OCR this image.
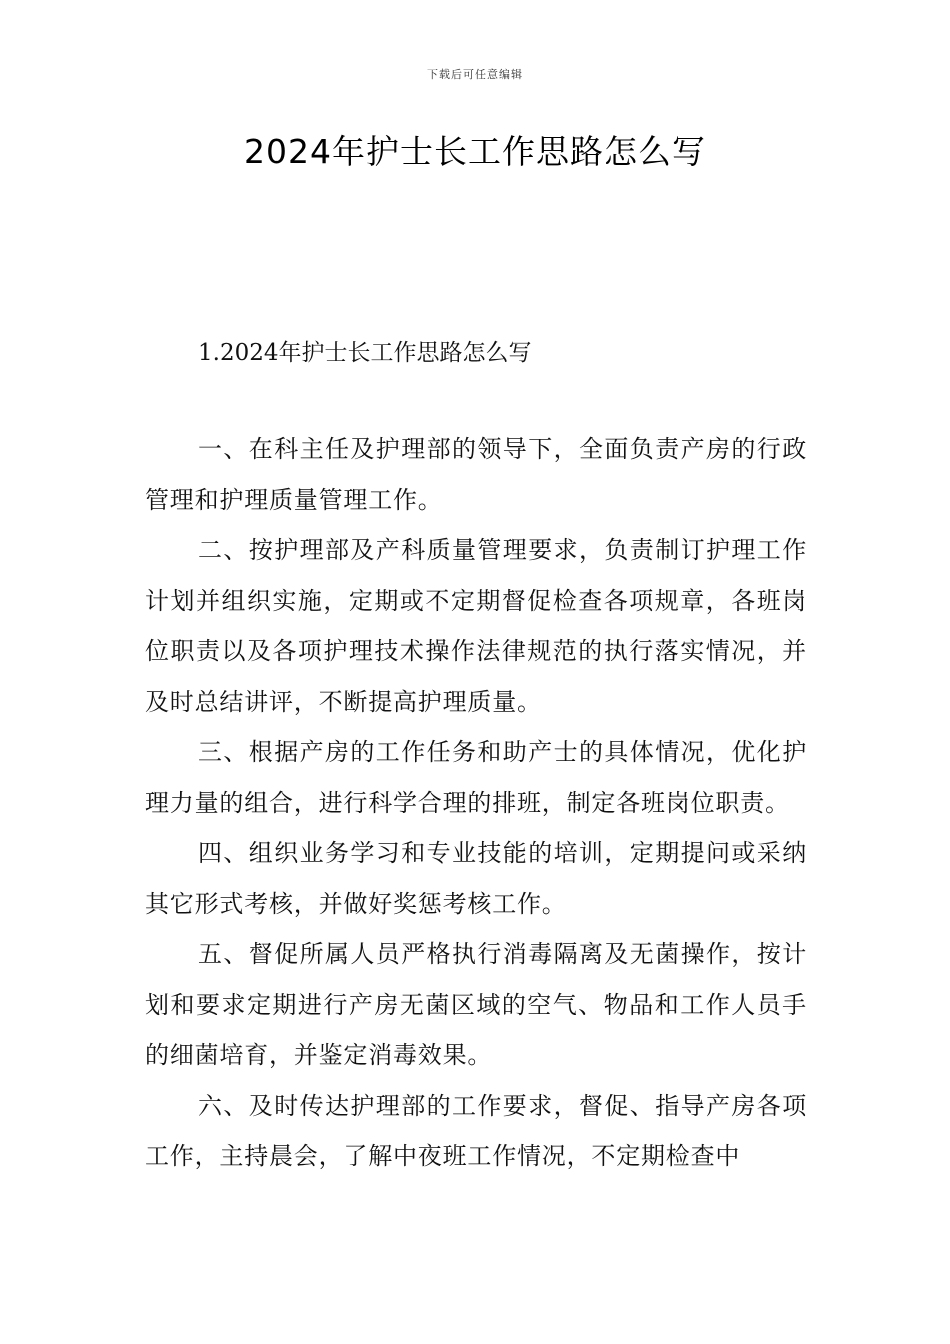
下载后可任意编辑
2024年护士长工作思路怎么写
1.2024年护士长工作思路怎么写

一、在科主任及护理部的领导下，全面负责产房的行政管理和护理质量管理工作。

二、按护理部及产科质量管理要求，负责制订护理工作计划并组织实施，定期或不定期督促检查各项规章，各班岗位职责以及各项护理技术操作法律规范的执行落实情况，并及时总结讲评，不断提高护理质量。

三、根据产房的工作任务和助产士的具体情况，优化护理力量的组合，进行科学合理的排班，制定各班岗位职责。

四、组织业务学习和专业技能的培训，定期提问或采纳其它形式考核，并做好奖惩考核工作。

五、督促所属人员严格执行消毒隔离及无菌操作，按计划和要求定期进行产房无菌区域的空气、物品和工作人员手的细菌培育，并鉴定消毒效果。

六、及时传达护理部的工作要求，督促、指导产房各项工作，主持晨会，了解中夜班工作情况，不定期检查中
